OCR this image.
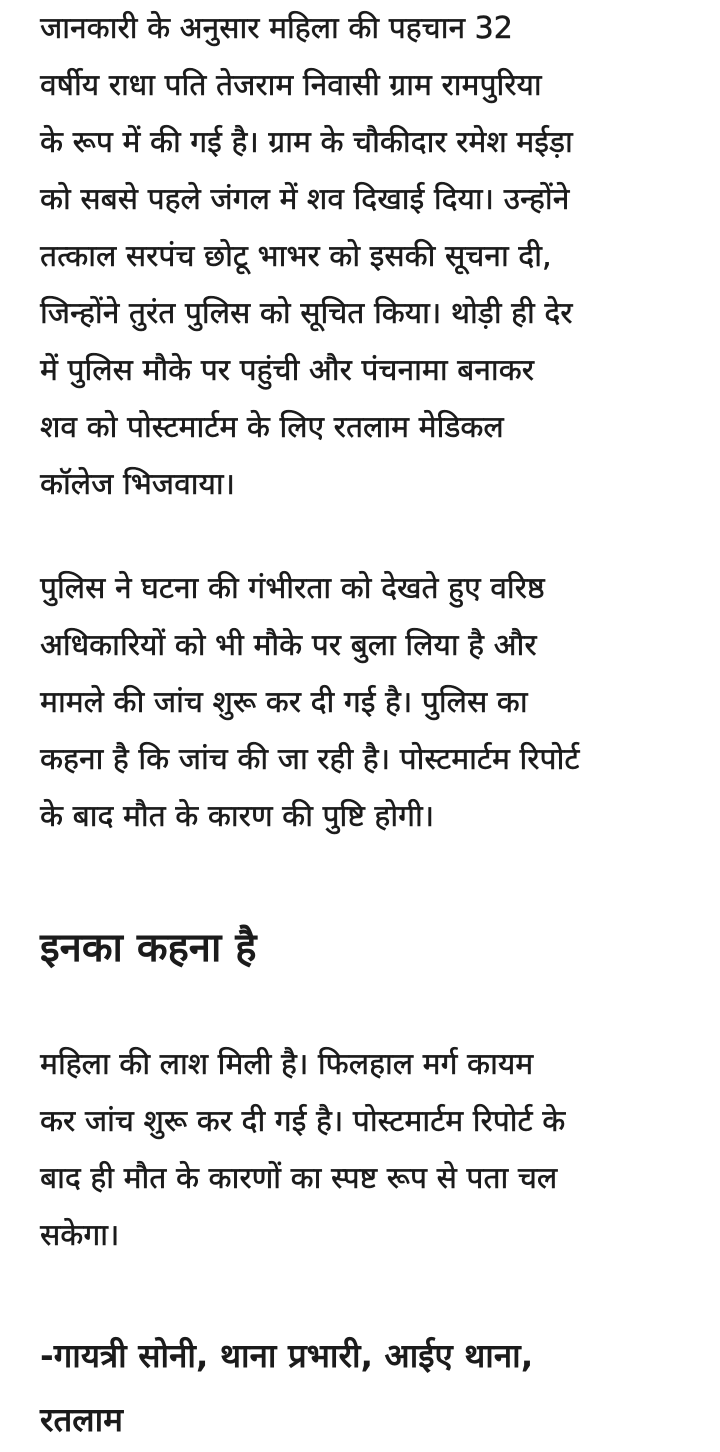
जानकारी के अनुसार महिला की पहचान 32
वर्षीय राधा पति तेजराम निवासी ग्राम रामपुरिया
के रूप में की गई है। ग्राम के चौकीदार रमेश मईड़ा
को सबसे पहले जंगल में शव दिखाई दिया। उन्होंने
तत्काल सरपंच छोटू भाभर को इसकी सूचना दी,
जिन्होंने तुरंत पुलिस को सूचित किया। थोड़ी ही देर
में पुलिस मौके पर पहुंची और पंचनामा बनाकर
शव को पोस्टमार्टम के लिए रतलाम मेडिकल
कॉलेज भिजवाया।

पुलिस ने घटना की गंभीरता को देखते हुए वरिष्ठ
अधिकारियों को भी मौके पर बुला लिया है और
मामले की जांच शुरू कर दी गई है। पुलिस का
कहना है कि जांच की जा रही है। पोस्टमार्टम रिपोर्ट
के बाद मौत के कारण की पुष्टि होगी।

इनका कहना है

महिला की लाश मिली है। फिलहाल मर्ग कायम
कर जांच शुरू कर दी गई है। पोस्टमार्टम रिपोर्ट के
बाद ही मौत के कारणों का स्पष्ट रूप से पता चल
सकेगा।

-गायत्री सोनी, थाना प्रभारी, आईए थाना,
रतलाम
